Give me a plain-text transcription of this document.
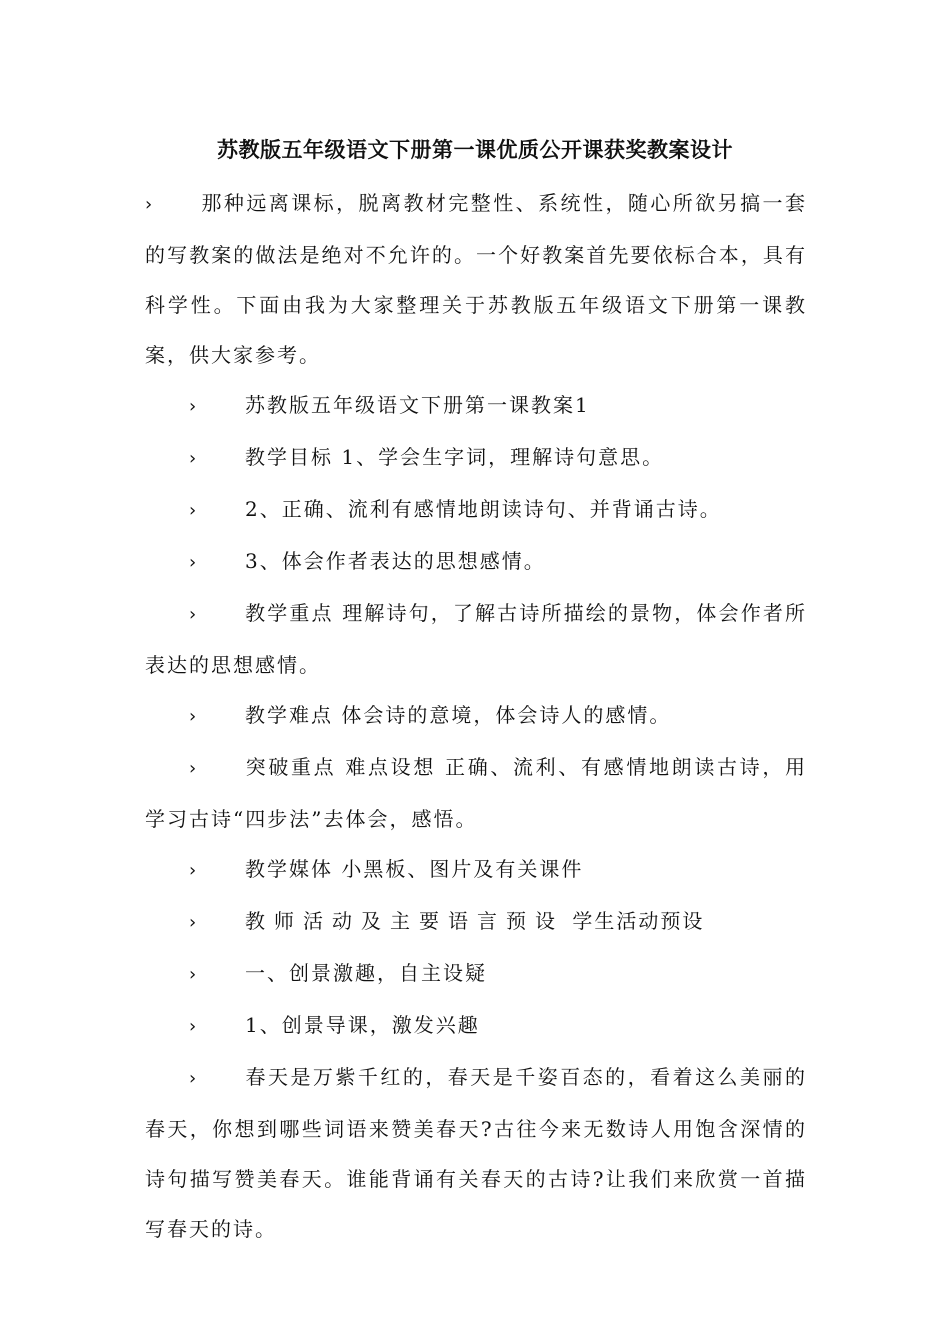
苏教版五年级语文下册第一课优质公开课获奖教案设计

› 那种远离课标，脱离教材完整性、系统性，随心所欲另搞一套的写教案的做法是绝对不允许的。一个好教案首先要依标合本，具有科学性。下面由我为大家整理关于苏教版五年级语文下册第一课教案，供大家参考。

› 苏教版五年级语文下册第一课教案1

› 教学目标 1、学会生字词，理解诗句意思。

› 2、正确、流利有感情地朗读诗句、并背诵古诗。

› 3、体会作者表达的思想感情。

› 教学重点 理解诗句，了解古诗所描绘的景物，体会作者所表达的思想感情。

› 教学难点 体会诗的意境，体会诗人的感情。

› 突破重点 难点设想 正确、流利、有感情地朗读古诗，用学习古诗“四步法”去体会，感悟。

› 教学媒体 小黑板、图片及有关课件

› 教师活动及主要语言预设 学生活动预设

› 一、创景激趣，自主设疑

› 1、创景导课，激发兴趣

› 春天是万紫千红的，春天是千姿百态的，看着这么美丽的春天，你想到哪些词语来赞美春天?古往今来无数诗人用饱含深情的诗句描写赞美春天。谁能背诵有关春天的古诗?让我们来欣赏一首描写春天的诗。
